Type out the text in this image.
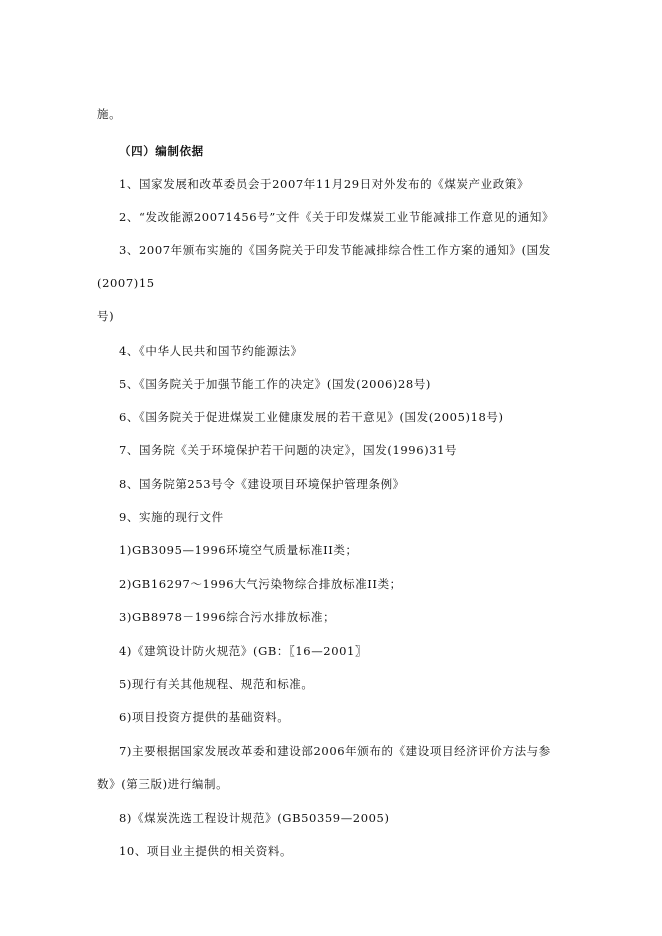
施。
（四）编制依据
1、国家发展和改革委员会于2007年11月29日对外发布的《煤炭产业政策》
2、“发改能源20071456号”文件《关于印发煤炭工业节能减排工作意见的通知》
3、2007年颁布实施的《国务院关于印发节能减排综合性工作方案的通知》(国发
(2007)15
号)
4、《中华人民共和国节约能源法》
5、《国务院关于加强节能工作的决定》(国发(2006)28号)
6、《国务院关于促进煤炭工业健康发展的若干意见》(国发(2005)18号)
7、国务院《关于环境保护若干问题的决定》，国发(1996)31号
8、国务院第253号令《建设项目环境保护管理条例》
9、实施的现行文件
1)GB3095—1996环境空气质量标准II类；
2)GB16297～1996大气污染物综合排放标准II类；
3)GB8978－1996综合污水排放标准；
4)《建筑设计防火规范》(GB：〖16—2001〗
5)现行有关其他规程、规范和标准。
6)项目投资方提供的基础资料。
7)主要根据国家发展改革委和建设部2006年颁布的《建设项目经济评价方法与参
数》(第三版)进行编制。
8)《煤炭洗选工程设计规范》(GB50359—2005)
10、项目业主提供的相关资料。
